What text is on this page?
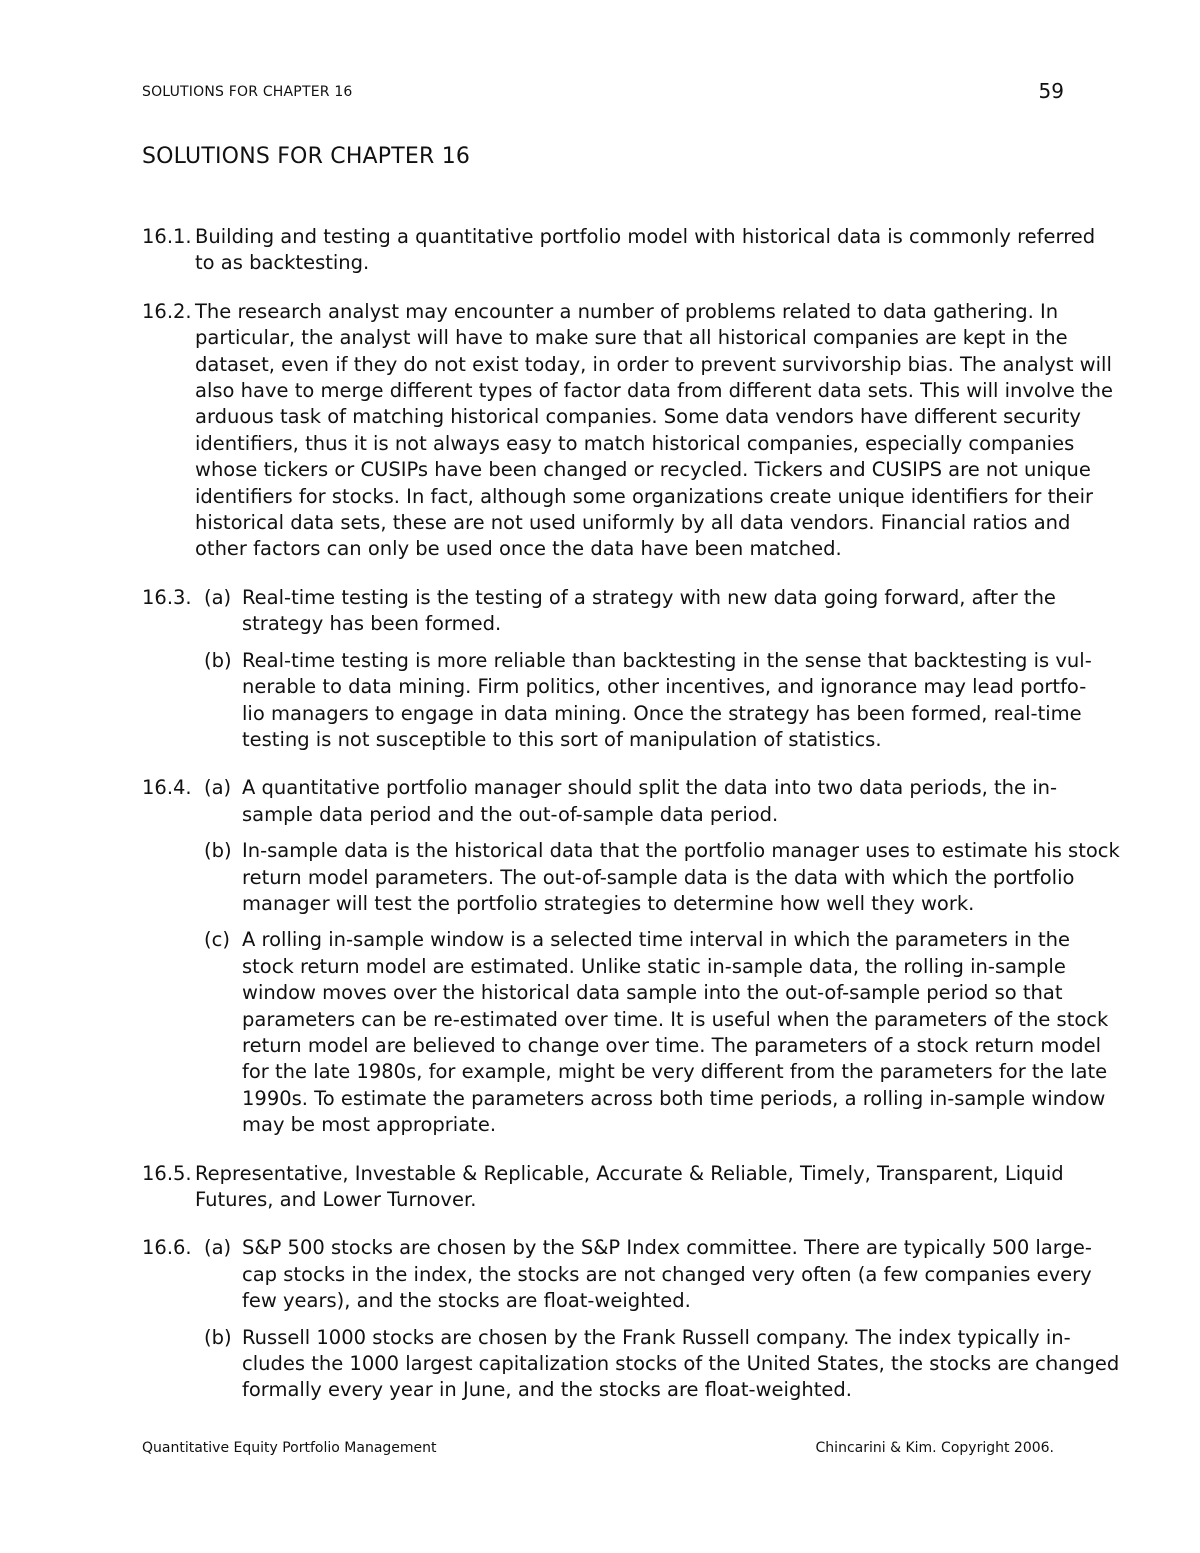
SOLUTIONS FOR CHAPTER 16	59
SOLUTIONS FOR CHAPTER 16
16.1. Building and testing a quantitative portfolio model with historical data is commonly referred
to as backtesting.
16.2. The research analyst may encounter a number of problems related to data gathering. In
particular, the analyst will have to make sure that all historical companies are kept in the
dataset, even if they do not exist today, in order to prevent survivorship bias. The analyst will
also have to merge different types of factor data from different data sets. This will involve the
arduous task of matching historical companies. Some data vendors have different security
identifiers, thus it is not always easy to match historical companies, especially companies
whose tickers or CUSIPs have been changed or recycled. Tickers and CUSIPS are not unique
identifiers for stocks. In fact, although some organizations create unique identifiers for their
historical data sets, these are not used uniformly by all data vendors. Financial ratios and
other factors can only be used once the data have been matched.
16.3. (a) Real-time testing is the testing of a strategy with new data going forward, after the
strategy has been formed.
(b) Real-time testing is more reliable than backtesting in the sense that backtesting is vul-
nerable to data mining. Firm politics, other incentives, and ignorance may lead portfo-
lio managers to engage in data mining. Once the strategy has been formed, real-time
testing is not susceptible to this sort of manipulation of statistics.
16.4. (a) A quantitative portfolio manager should split the data into two data periods, the in-
sample data period and the out-of-sample data period.
(b) In-sample data is the historical data that the portfolio manager uses to estimate his stock
return model parameters. The out-of-sample data is the data with which the portfolio
manager will test the portfolio strategies to determine how well they work.
(c) A rolling in-sample window is a selected time interval in which the parameters in the
stock return model are estimated. Unlike static in-sample data, the rolling in-sample
window moves over the historical data sample into the out-of-sample period so that
parameters can be re-estimated over time. It is useful when the parameters of the stock
return model are believed to change over time. The parameters of a stock return model
for the late 1980s, for example, might be very different from the parameters for the late
1990s. To estimate the parameters across both time periods, a rolling in-sample window
may be most appropriate.
16.5. Representative, Investable & Replicable, Accurate & Reliable, Timely, Transparent, Liquid
Futures, and Lower Turnover.
16.6. (a) S&P 500 stocks are chosen by the S&P Index committee. There are typically 500 large-
cap stocks in the index, the stocks are not changed very often (a few companies every
few years), and the stocks are float-weighted.
(b) Russell 1000 stocks are chosen by the Frank Russell company. The index typically in-
cludes the 1000 largest capitalization stocks of the United States, the stocks are changed
formally every year in June, and the stocks are float-weighted.
Quantitative Equity Portfolio Management	Chincarini & Kim. Copyright 2006.
